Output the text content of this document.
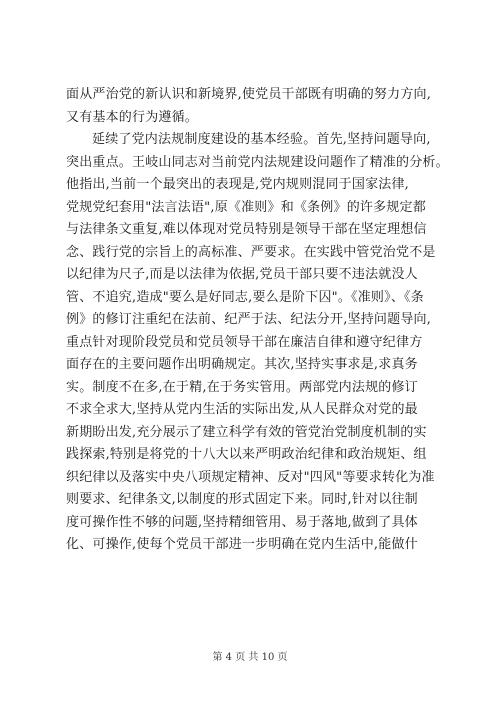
面从严治党的新认识和新境界,使党员干部既有明确的努力方向,
又有基本的行为遵循。
延续了党内法规制度建设的基本经验。首先,坚持问题导向,
突出重点。王岐山同志对当前党内法规建设问题作了精准的分析。
他指出,当前一个最突出的表现是,党内规则混同于国家法律,
党规党纪套用"法言法语",原《准则》和《条例》的许多规定都
与法律条文重复,难以体现对党员特别是领导干部在坚定理想信
念、践行党的宗旨上的高标准、严要求。在实践中管党治党不是
以纪律为尺子,而是以法律为依据,党员干部只要不违法就没人
管、不追究,造成"要么是好同志,要么是阶下囚"。《准则》、《条
例》的修订注重纪在法前、纪严于法、纪法分开,坚持问题导向,
重点针对现阶段党员和党员领导干部在廉洁自律和遵守纪律方
面存在的主要问题作出明确规定。其次,坚持实事求是,求真务
实。制度不在多,在于精,在于务实管用。两部党内法规的修订
不求全求大,坚持从党内生活的实际出发,从人民群众对党的最
新期盼出发,充分展示了建立科学有效的管党治党制度机制的实
践探索,特别是将党的十八大以来严明政治纪律和政治规矩、组
织纪律以及落实中央八项规定精神、反对"四风"等要求转化为准
则要求、纪律条文,以制度的形式固定下来。同时,针对以往制
度可操作性不够的问题,坚持精细管用、易于落地,做到了具体
化、可操作,使每个党员干部进一步明确在党内生活中,能做什
第 4 页 共 10 页
